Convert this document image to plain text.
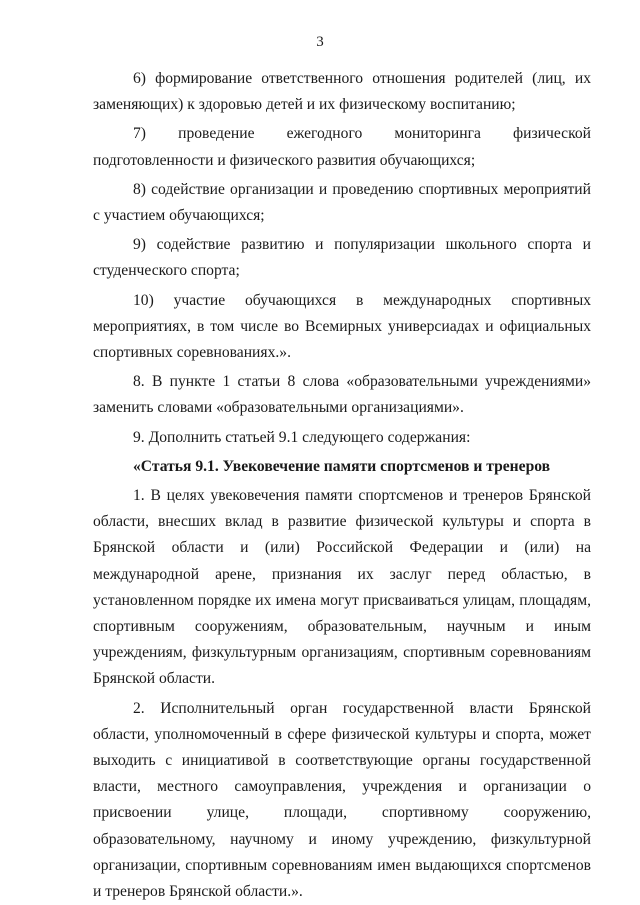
3

6) формирование ответственного отношения родителей (лиц, их заменяющих) к здоровью детей и их физическому воспитанию;

7) проведение ежегодного мониторинга физической подготовленности и физического развития обучающихся;

8) содействие организации и проведению спортивных мероприятий с участием обучающихся;

9) содействие развитию и популяризации школьного спорта и студенческого спорта;

10) участие обучающихся в международных спортивных мероприятиях, в том числе во Всемирных универсиадах и официальных спортивных соревнованиях.».

8. В пункте 1 статьи 8 слова «образовательными учреждениями» заменить словами «образовательными организациями».

9. Дополнить статьей 9.1 следующего содержания:

«Статья 9.1. Увековечение памяти спортсменов и тренеров

1. В целях увековечения памяти спортсменов и тренеров Брянской области, внесших вклад в развитие физической культуры и спорта в Брянской области и (или) Российской Федерации и (или) на международной арене, признания их заслуг перед областью, в установленном порядке их имена могут присваиваться улицам, площадям, спортивным сооружениям, образовательным, научным и иным учреждениям, физкультурным организациям, спортивным соревнованиям Брянской области.

2. Исполнительный орган государственной власти Брянской области, уполномоченный в сфере физической культуры и спорта, может выходить с инициативой в соответствующие органы государственной власти, местного самоуправления, учреждения и организации о присвоении улице, площади, спортивному сооружению, образовательному, научному и иному учреждению, физкультурной организации, спортивным соревнованиям имен выдающихся спортсменов и тренеров Брянской области.».
